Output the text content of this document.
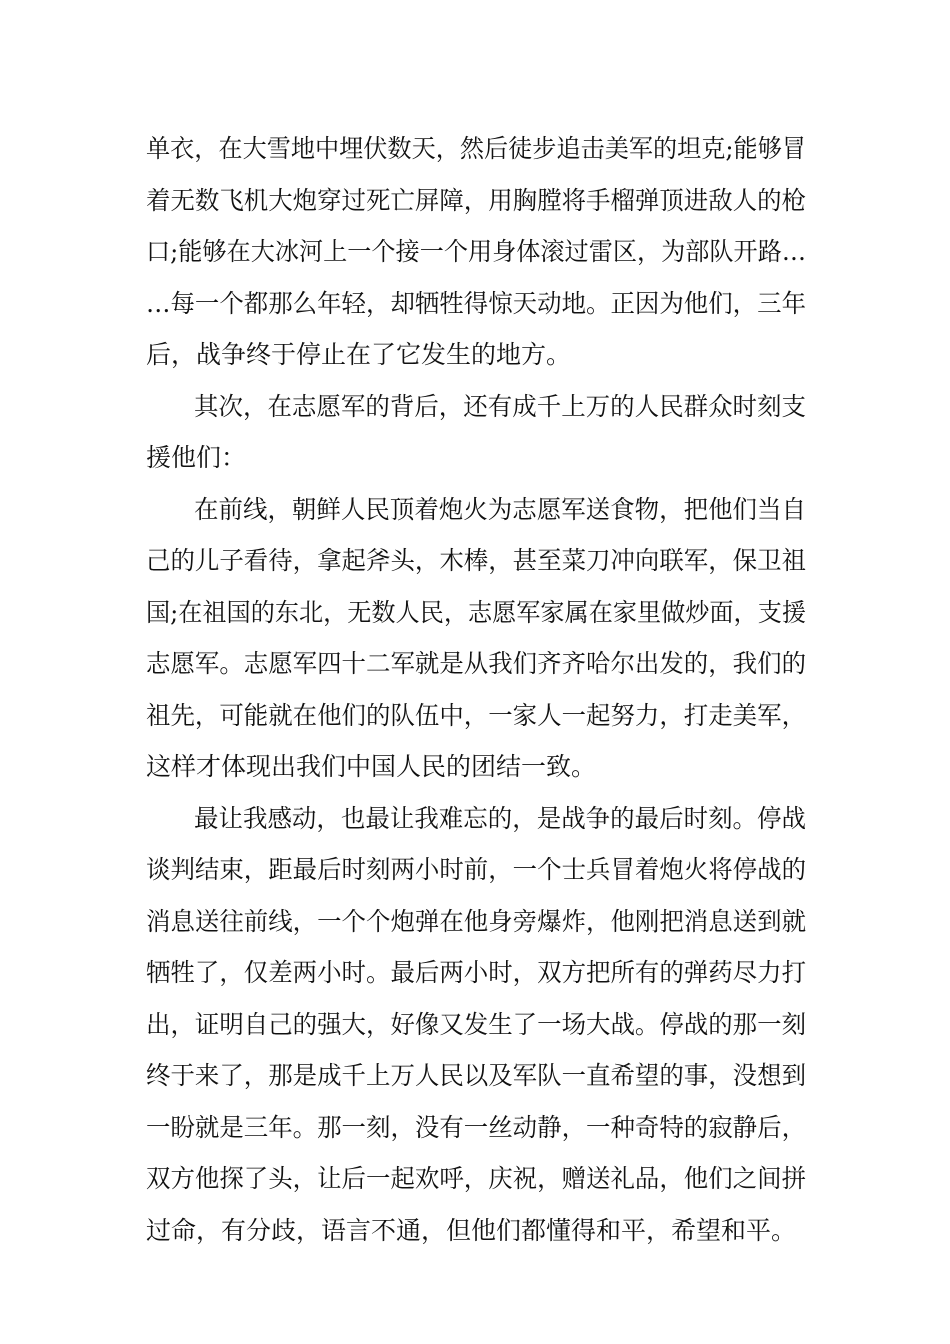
单衣，在大雪地中埋伏数天，然后徒步追击美军的坦克;能够冒
着无数飞机大炮穿过死亡屏障，用胸膛将手榴弹顶进敌人的枪
口;能够在大冰河上一个接一个用身体滚过雷区，为部队开路…
…每一个都那么年轻，却牺牲得惊天动地。正因为他们，三年
后，战争终于停止在了它发生的地方。
其次，在志愿军的背后，还有成千上万的人民群众时刻支
援他们：
在前线，朝鲜人民顶着炮火为志愿军送食物，把他们当自
己的儿子看待，拿起斧头，木棒，甚至菜刀冲向联军，保卫祖
国;在祖国的东北，无数人民，志愿军家属在家里做炒面，支援
志愿军。志愿军四十二军就是从我们齐齐哈尔出发的，我们的
祖先，可能就在他们的队伍中，一家人一起努力，打走美军，
这样才体现出我们中国人民的团结一致。
最让我感动，也最让我难忘的，是战争的最后时刻。停战
谈判结束，距最后时刻两小时前，一个士兵冒着炮火将停战的
消息送往前线，一个个炮弹在他身旁爆炸，他刚把消息送到就
牺牲了，仅差两小时。最后两小时，双方把所有的弹药尽力打
出，证明自己的强大，好像又发生了一场大战。停战的那一刻
终于来了，那是成千上万人民以及军队一直希望的事，没想到
一盼就是三年。那一刻，没有一丝动静，一种奇特的寂静后，
双方他探了头，让后一起欢呼，庆祝，赠送礼品，他们之间拼
过命，有分歧，语言不通，但他们都懂得和平，希望和平。
